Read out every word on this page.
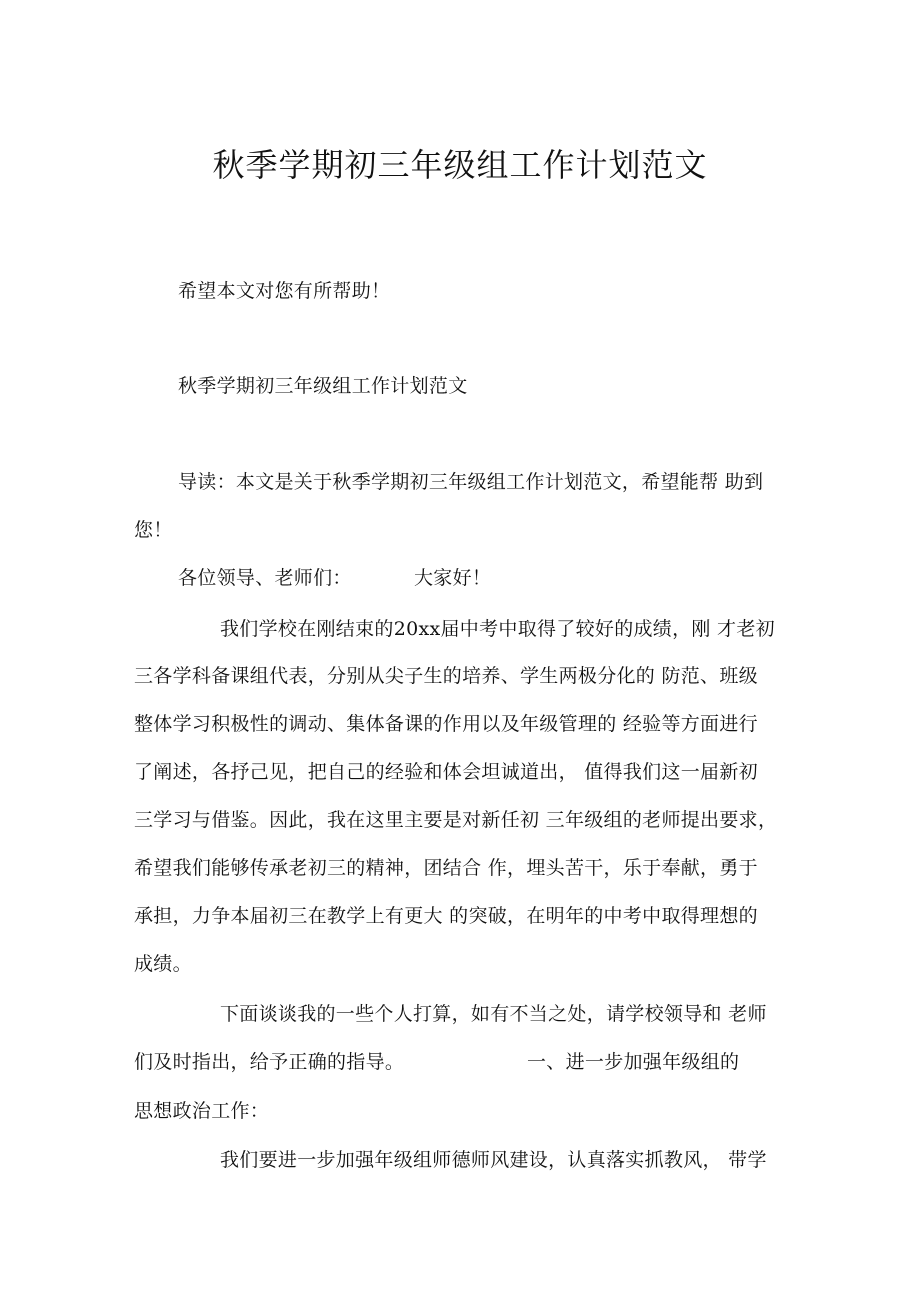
秋季学期初三年级组工作计划范文
希望本文对您有所帮助！
秋季学期初三年级组工作计划范文
导读：本文是关于秋季学期初三年级组工作计划范文，希望能帮 助到
您！
各位领导、老师们：	大家好！
我们学校在刚结束的20xx届中考中取得了较好的成绩，刚 才老初
三各学科备课组代表，分别从尖子生的培养、学生两极分化的 防范、班级
整体学习积极性的调动、集体备课的作用以及年级管理的 经验等方面进行
了阐述，各抒己见，把自己的经验和体会坦诚道出， 值得我们这一届新初
三学习与借鉴。因此，我在这里主要是对新任初 三年级组的老师提出要求，
希望我们能够传承老初三的精神，团结合 作，埋头苦干，乐于奉献，勇于
承担，力争本届初三在教学上有更大 的突破，在明年的中考中取得理想的
成绩。
下面谈谈我的一些个人打算，如有不当之处，请学校领导和 老师
们及时指出，给予正确的指导。	一、进一步加强年级组的
思想政治工作：
我们要进一步加强年级组师德师风建设，认真落实抓教风， 带学
